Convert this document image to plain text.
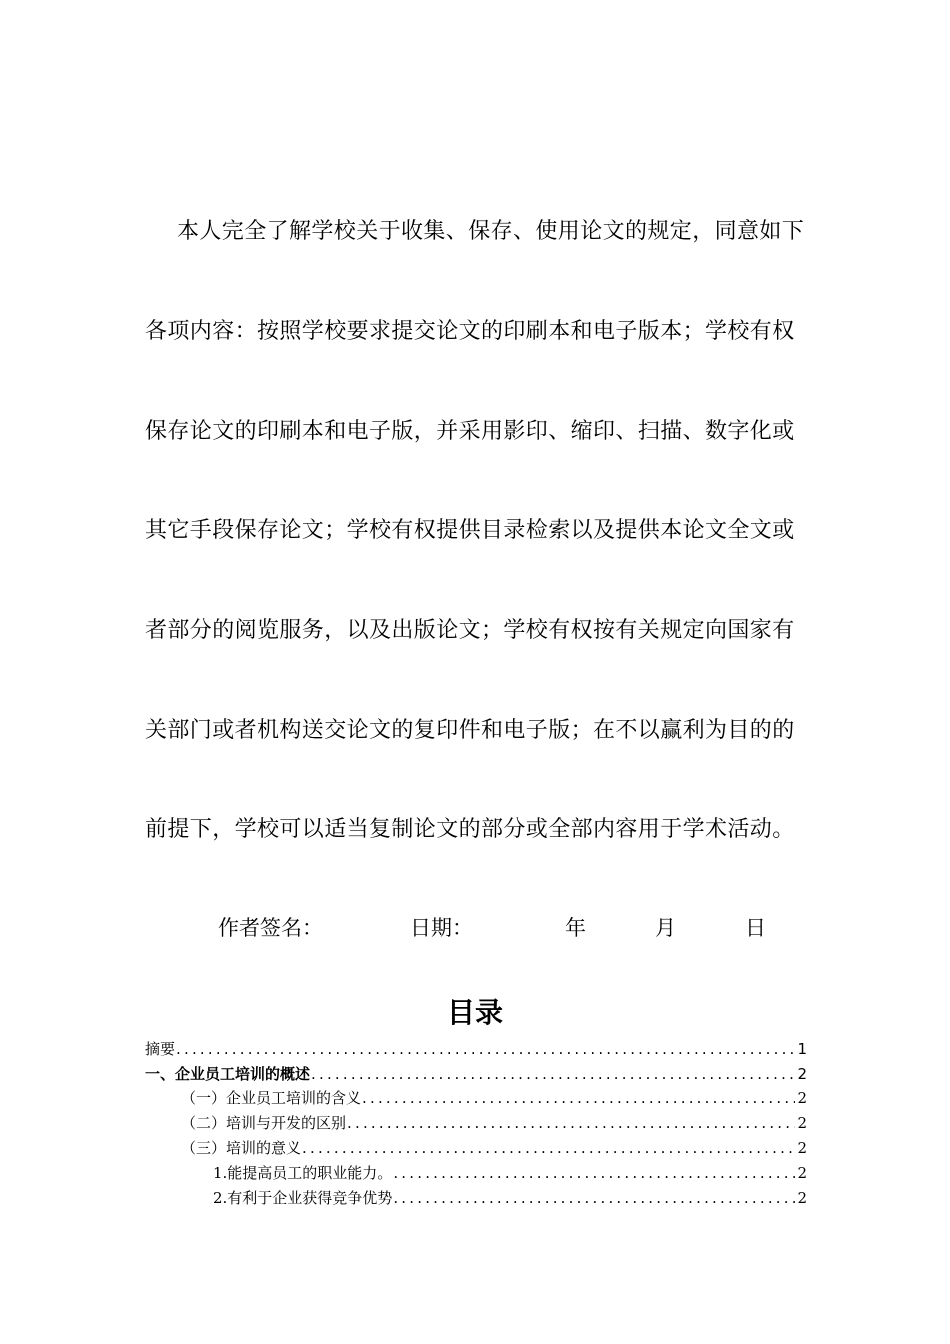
本人完全了解学校关于收集、保存、使用论文的规定，同意如下
各项内容：按照学校要求提交论文的印刷本和电子版本；学校有权
保存论文的印刷本和电子版，并采用影印、缩印、扫描、数字化或
其它手段保存论文；学校有权提供目录检索以及提供本论文全文或
者部分的阅览服务，以及出版论文；学校有权按有关规定向国家有
关部门或者机构送交论文的复印件和电子版；在不以赢利为目的的
前提下，学校可以适当复制论文的部分或全部内容用于学术活动。
作者签名：	日期：	年	月	日
目录
摘要 .....	1
一、企业员工培训的概述 .....	2
（一）企业员工培训的含义 .....	2
（二）培训与开发的区别 .....	2
（三）培训的意义 .....	2
1.能提高员工的职业能力。 .....	2
2.有利于企业获得竞争优势 .....	2
